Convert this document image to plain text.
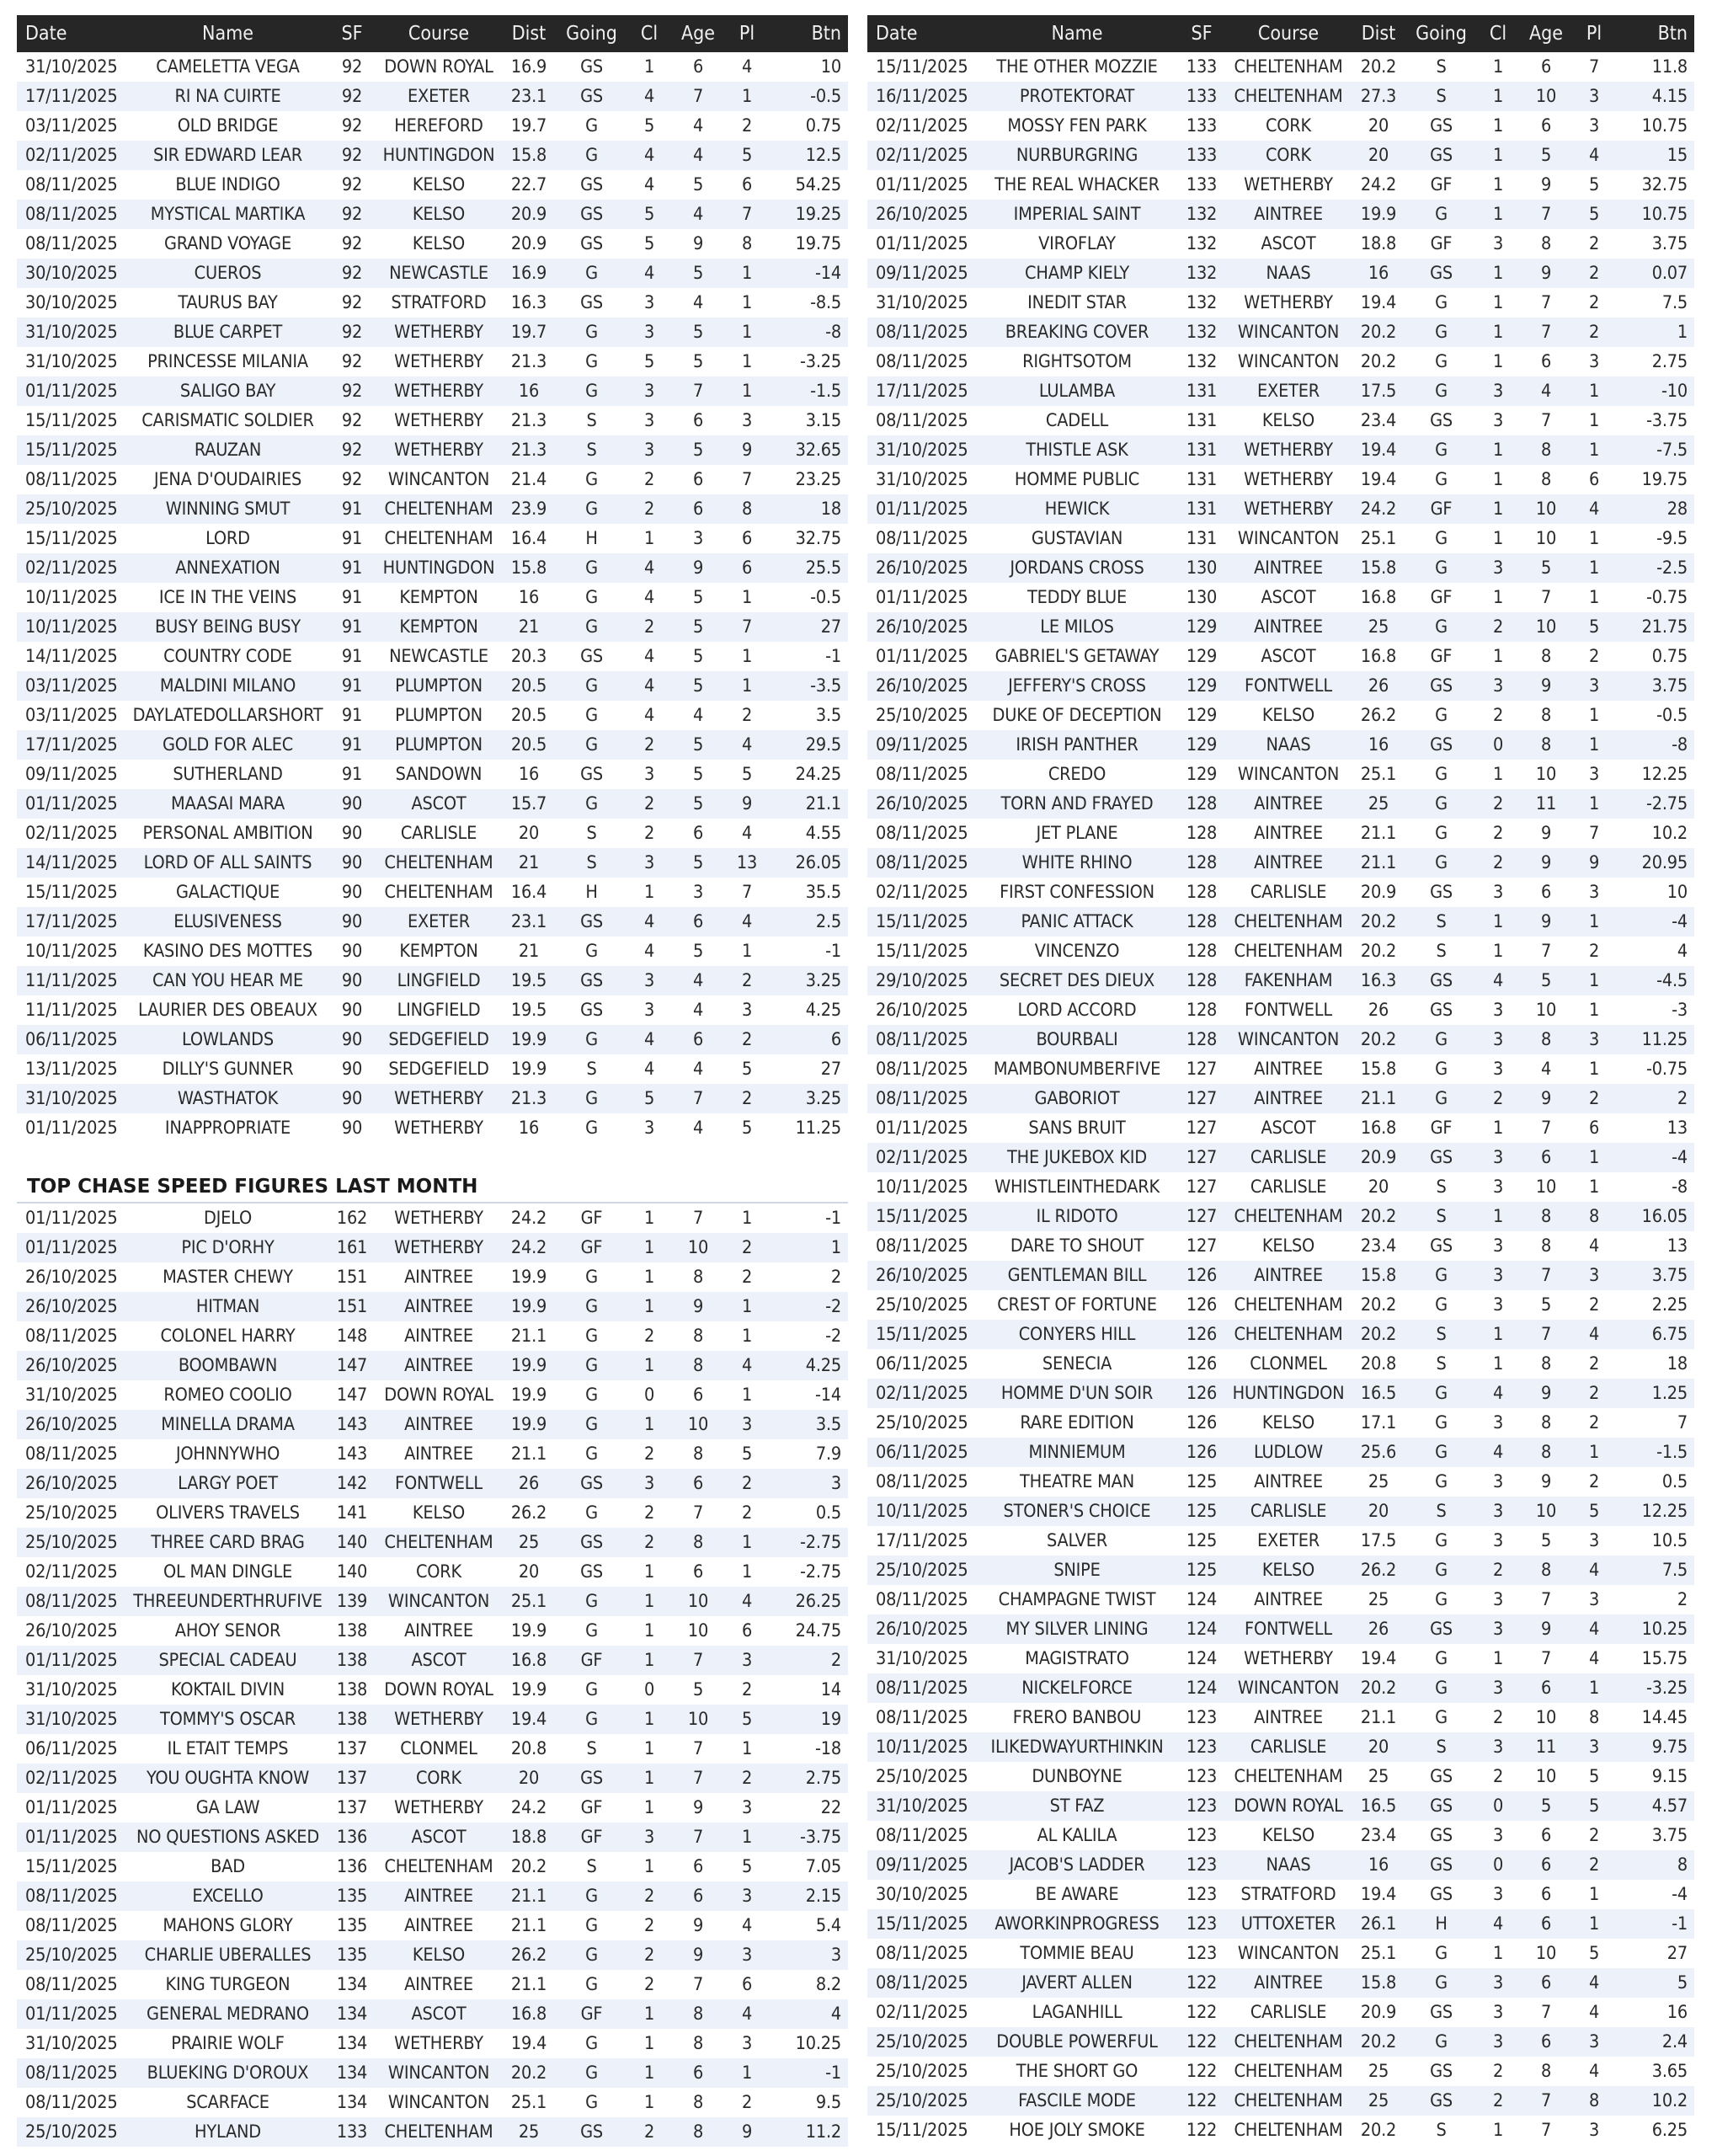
Date	Name	SF	Course	Dist	Going	Cl	Age	Pl	Btn
31/10/2025	CAMELETTA VEGA	92	DOWN ROYAL	16.9	GS	1	6	4	10
17/11/2025	RI NA CUIRTE	92	EXETER	23.1	GS	4	7	1	-0.5
03/11/2025	OLD BRIDGE	92	HEREFORD	19.7	G	5	4	2	0.75
02/11/2025	SIR EDWARD LEAR	92	HUNTINGDON	15.8	G	4	4	5	12.5
08/11/2025	BLUE INDIGO	92	KELSO	22.7	GS	4	5	6	54.25
08/11/2025	MYSTICAL MARTIKA	92	KELSO	20.9	GS	5	4	7	19.25
08/11/2025	GRAND VOYAGE	92	KELSO	20.9	GS	5	9	8	19.75
30/10/2025	CUEROS	92	NEWCASTLE	16.9	G	4	5	1	-14
30/10/2025	TAURUS BAY	92	STRATFORD	16.3	GS	3	4	1	-8.5
31/10/2025	BLUE CARPET	92	WETHERBY	19.7	G	3	5	1	-8
31/10/2025	PRINCESSE MILANIA	92	WETHERBY	21.3	G	5	5	1	-3.25
01/11/2025	SALIGO BAY	92	WETHERBY	16	G	3	7	1	-1.5
15/11/2025	CARISMATIC SOLDIER	92	WETHERBY	21.3	S	3	6	3	3.15
15/11/2025	RAUZAN	92	WETHERBY	21.3	S	3	5	9	32.65
08/11/2025	JENA D'OUDAIRIES	92	WINCANTON	21.4	G	2	6	7	23.25
25/10/2025	WINNING SMUT	91	CHELTENHAM	23.9	G	2	6	8	18
15/11/2025	LORD	91	CHELTENHAM	16.4	H	1	3	6	32.75
02/11/2025	ANNEXATION	91	HUNTINGDON	15.8	G	4	9	6	25.5
10/11/2025	ICE IN THE VEINS	91	KEMPTON	16	G	4	5	1	-0.5
10/11/2025	BUSY BEING BUSY	91	KEMPTON	21	G	2	5	7	27
14/11/2025	COUNTRY CODE	91	NEWCASTLE	20.3	GS	4	5	1	-1
03/11/2025	MALDINI MILANO	91	PLUMPTON	20.5	G	4	5	1	-3.5
03/11/2025	DAYLATEDOLLARSHORT	91	PLUMPTON	20.5	G	4	4	2	3.5
17/11/2025	GOLD FOR ALEC	91	PLUMPTON	20.5	G	2	5	4	29.5
09/11/2025	SUTHERLAND	91	SANDOWN	16	GS	3	5	5	24.25
01/11/2025	MAASAI MARA	90	ASCOT	15.7	G	2	5	9	21.1
02/11/2025	PERSONAL AMBITION	90	CARLISLE	20	S	2	6	4	4.55
14/11/2025	LORD OF ALL SAINTS	90	CHELTENHAM	21	S	3	5	13	26.05
15/11/2025	GALACTIQUE	90	CHELTENHAM	16.4	H	1	3	7	35.5
17/11/2025	ELUSIVENESS	90	EXETER	23.1	GS	4	6	4	2.5
10/11/2025	KASINO DES MOTTES	90	KEMPTON	21	G	4	5	1	-1
11/11/2025	CAN YOU HEAR ME	90	LINGFIELD	19.5	GS	3	4	2	3.25
11/11/2025	LAURIER DES OBEAUX	90	LINGFIELD	19.5	GS	3	4	3	4.25
06/11/2025	LOWLANDS	90	SEDGEFIELD	19.9	G	4	6	2	6
13/11/2025	DILLY'S GUNNER	90	SEDGEFIELD	19.9	S	4	4	5	27
31/10/2025	WASTHATOK	90	WETHERBY	21.3	G	5	7	2	3.25
01/11/2025	INAPPROPRIATE	90	WETHERBY	16	G	3	4	5	11.25
TOP CHASE SPEED FIGURES LAST MONTH
01/11/2025	DJELO	162	WETHERBY	24.2	GF	1	7	1	-1
01/11/2025	PIC D'ORHY	161	WETHERBY	24.2	GF	1	10	2	1
26/10/2025	MASTER CHEWY	151	AINTREE	19.9	G	1	8	2	2
26/10/2025	HITMAN	151	AINTREE	19.9	G	1	9	1	-2
08/11/2025	COLONEL HARRY	148	AINTREE	21.1	G	2	8	1	-2
26/10/2025	BOOMBAWN	147	AINTREE	19.9	G	1	8	4	4.25
31/10/2025	ROMEO COOLIO	147	DOWN ROYAL	19.9	G	0	6	1	-14
26/10/2025	MINELLA DRAMA	143	AINTREE	19.9	G	1	10	3	3.5
08/11/2025	JOHNNYWHO	143	AINTREE	21.1	G	2	8	5	7.9
26/10/2025	LARGY POET	142	FONTWELL	26	GS	3	6	2	3
25/10/2025	OLIVERS TRAVELS	141	KELSO	26.2	G	2	7	2	0.5
25/10/2025	THREE CARD BRAG	140	CHELTENHAM	25	GS	2	8	1	-2.75
02/11/2025	OL MAN DINGLE	140	CORK	20	GS	1	6	1	-2.75
08/11/2025	THREEUNDERTHRUFIVE	139	WINCANTON	25.1	G	1	10	4	26.25
26/10/2025	AHOY SENOR	138	AINTREE	19.9	G	1	10	6	24.75
01/11/2025	SPECIAL CADEAU	138	ASCOT	16.8	GF	1	7	3	2
31/10/2025	KOKTAIL DIVIN	138	DOWN ROYAL	19.9	G	0	5	2	14
31/10/2025	TOMMY'S OSCAR	138	WETHERBY	19.4	G	1	10	5	19
06/11/2025	IL ETAIT TEMPS	137	CLONMEL	20.8	S	1	7	1	-18
02/11/2025	YOU OUGHTA KNOW	137	CORK	20	GS	1	7	2	2.75
01/11/2025	GA LAW	137	WETHERBY	24.2	GF	1	9	3	22
01/11/2025	NO QUESTIONS ASKED	136	ASCOT	18.8	GF	3	7	1	-3.75
15/11/2025	BAD	136	CHELTENHAM	20.2	S	1	6	5	7.05
08/11/2025	EXCELLO	135	AINTREE	21.1	G	2	6	3	2.15
08/11/2025	MAHONS GLORY	135	AINTREE	21.1	G	2	9	4	5.4
25/10/2025	CHARLIE UBERALLES	135	KELSO	26.2	G	2	9	3	3
08/11/2025	KING TURGEON	134	AINTREE	21.1	G	2	7	6	8.2
01/11/2025	GENERAL MEDRANO	134	ASCOT	16.8	GF	1	8	4	4
31/10/2025	PRAIRIE WOLF	134	WETHERBY	19.4	G	1	8	3	10.25
08/11/2025	BLUEKING D'OROUX	134	WINCANTON	20.2	G	1	6	1	-1
08/11/2025	SCARFACE	134	WINCANTON	25.1	G	1	8	2	9.5
25/10/2025	HYLAND	133	CHELTENHAM	25	GS	2	8	9	11.2
Date	Name	SF	Course	Dist	Going	Cl	Age	Pl	Btn
15/11/2025	THE OTHER MOZZIE	133	CHELTENHAM	20.2	S	1	6	7	11.8
16/11/2025	PROTEKTORAT	133	CHELTENHAM	27.3	S	1	10	3	4.15
02/11/2025	MOSSY FEN PARK	133	CORK	20	GS	1	6	3	10.75
02/11/2025	NURBURGRING	133	CORK	20	GS	1	5	4	15
01/11/2025	THE REAL WHACKER	133	WETHERBY	24.2	GF	1	9	5	32.75
26/10/2025	IMPERIAL SAINT	132	AINTREE	19.9	G	1	7	5	10.75
01/11/2025	VIROFLAY	132	ASCOT	18.8	GF	3	8	2	3.75
09/11/2025	CHAMP KIELY	132	NAAS	16	GS	1	9	2	0.07
31/10/2025	INEDIT STAR	132	WETHERBY	19.4	G	1	7	2	7.5
08/11/2025	BREAKING COVER	132	WINCANTON	20.2	G	1	7	2	1
08/11/2025	RIGHTSOTOM	132	WINCANTON	20.2	G	1	6	3	2.75
17/11/2025	LULAMBA	131	EXETER	17.5	G	3	4	1	-10
08/11/2025	CADELL	131	KELSO	23.4	GS	3	7	1	-3.75
31/10/2025	THISTLE ASK	131	WETHERBY	19.4	G	1	8	1	-7.5
31/10/2025	HOMME PUBLIC	131	WETHERBY	19.4	G	1	8	6	19.75
01/11/2025	HEWICK	131	WETHERBY	24.2	GF	1	10	4	28
08/11/2025	GUSTAVIAN	131	WINCANTON	25.1	G	1	10	1	-9.5
26/10/2025	JORDANS CROSS	130	AINTREE	15.8	G	3	5	1	-2.5
01/11/2025	TEDDY BLUE	130	ASCOT	16.8	GF	1	7	1	-0.75
26/10/2025	LE MILOS	129	AINTREE	25	G	2	10	5	21.75
01/11/2025	GABRIEL'S GETAWAY	129	ASCOT	16.8	GF	1	8	2	0.75
26/10/2025	JEFFERY'S CROSS	129	FONTWELL	26	GS	3	9	3	3.75
25/10/2025	DUKE OF DECEPTION	129	KELSO	26.2	G	2	8	1	-0.5
09/11/2025	IRISH PANTHER	129	NAAS	16	GS	0	8	1	-8
08/11/2025	CREDO	129	WINCANTON	25.1	G	1	10	3	12.25
26/10/2025	TORN AND FRAYED	128	AINTREE	25	G	2	11	1	-2.75
08/11/2025	JET PLANE	128	AINTREE	21.1	G	2	9	7	10.2
08/11/2025	WHITE RHINO	128	AINTREE	21.1	G	2	9	9	20.95
02/11/2025	FIRST CONFESSION	128	CARLISLE	20.9	GS	3	6	3	10
15/11/2025	PANIC ATTACK	128	CHELTENHAM	20.2	S	1	9	1	-4
15/11/2025	VINCENZO	128	CHELTENHAM	20.2	S	1	7	2	4
29/10/2025	SECRET DES DIEUX	128	FAKENHAM	16.3	GS	4	5	1	-4.5
26/10/2025	LORD ACCORD	128	FONTWELL	26	GS	3	10	1	-3
08/11/2025	BOURBALI	128	WINCANTON	20.2	G	3	8	3	11.25
08/11/2025	MAMBONUMBERFIVE	127	AINTREE	15.8	G	3	4	1	-0.75
08/11/2025	GABORIOT	127	AINTREE	21.1	G	2	9	2	2
01/11/2025	SANS BRUIT	127	ASCOT	16.8	GF	1	7	6	13
02/11/2025	THE JUKEBOX KID	127	CARLISLE	20.9	GS	3	6	1	-4
10/11/2025	WHISTLEINTHEDARK	127	CARLISLE	20	S	3	10	1	-8
15/11/2025	IL RIDOTO	127	CHELTENHAM	20.2	S	1	8	8	16.05
08/11/2025	DARE TO SHOUT	127	KELSO	23.4	GS	3	8	4	13
26/10/2025	GENTLEMAN BILL	126	AINTREE	15.8	G	3	7	3	3.75
25/10/2025	CREST OF FORTUNE	126	CHELTENHAM	20.2	G	3	5	2	2.25
15/11/2025	CONYERS HILL	126	CHELTENHAM	20.2	S	1	7	4	6.75
06/11/2025	SENECIA	126	CLONMEL	20.8	S	1	8	2	18
02/11/2025	HOMME D'UN SOIR	126	HUNTINGDON	16.5	G	4	9	2	1.25
25/10/2025	RARE EDITION	126	KELSO	17.1	G	3	8	2	7
06/11/2025	MINNIEMUM	126	LUDLOW	25.6	G	4	8	1	-1.5
08/11/2025	THEATRE MAN	125	AINTREE	25	G	3	9	2	0.5
10/11/2025	STONER'S CHOICE	125	CARLISLE	20	S	3	10	5	12.25
17/11/2025	SALVER	125	EXETER	17.5	G	3	5	3	10.5
25/10/2025	SNIPE	125	KELSO	26.2	G	2	8	4	7.5
08/11/2025	CHAMPAGNE TWIST	124	AINTREE	25	G	3	7	3	2
26/10/2025	MY SILVER LINING	124	FONTWELL	26	GS	3	9	4	10.25
31/10/2025	MAGISTRATO	124	WETHERBY	19.4	G	1	7	4	15.75
08/11/2025	NICKELFORCE	124	WINCANTON	20.2	G	3	6	1	-3.25
08/11/2025	FRERO BANBOU	123	AINTREE	21.1	G	2	10	8	14.45
10/11/2025	ILIKEDWAYURTHINKIN	123	CARLISLE	20	S	3	11	3	9.75
25/10/2025	DUNBOYNE	123	CHELTENHAM	25	GS	2	10	5	9.15
31/10/2025	ST FAZ	123	DOWN ROYAL	16.5	GS	0	5	5	4.57
08/11/2025	AL KALILA	123	KELSO	23.4	GS	3	6	2	3.75
09/11/2025	JACOB'S LADDER	123	NAAS	16	GS	0	6	2	8
30/10/2025	BE AWARE	123	STRATFORD	19.4	GS	3	6	1	-4
15/11/2025	AWORKINPROGRESS	123	UTTOXETER	26.1	H	4	6	1	-1
08/11/2025	TOMMIE BEAU	123	WINCANTON	25.1	G	1	10	5	27
08/11/2025	JAVERT ALLEN	122	AINTREE	15.8	G	3	6	4	5
02/11/2025	LAGANHILL	122	CARLISLE	20.9	GS	3	7	4	16
25/10/2025	DOUBLE POWERFUL	122	CHELTENHAM	20.2	G	3	6	3	2.4
25/10/2025	THE SHORT GO	122	CHELTENHAM	25	GS	2	8	4	3.65
25/10/2025	FASCILE MODE	122	CHELTENHAM	25	GS	2	7	8	10.2
15/11/2025	HOE JOLY SMOKE	122	CHELTENHAM	20.2	S	1	7	3	6.25
